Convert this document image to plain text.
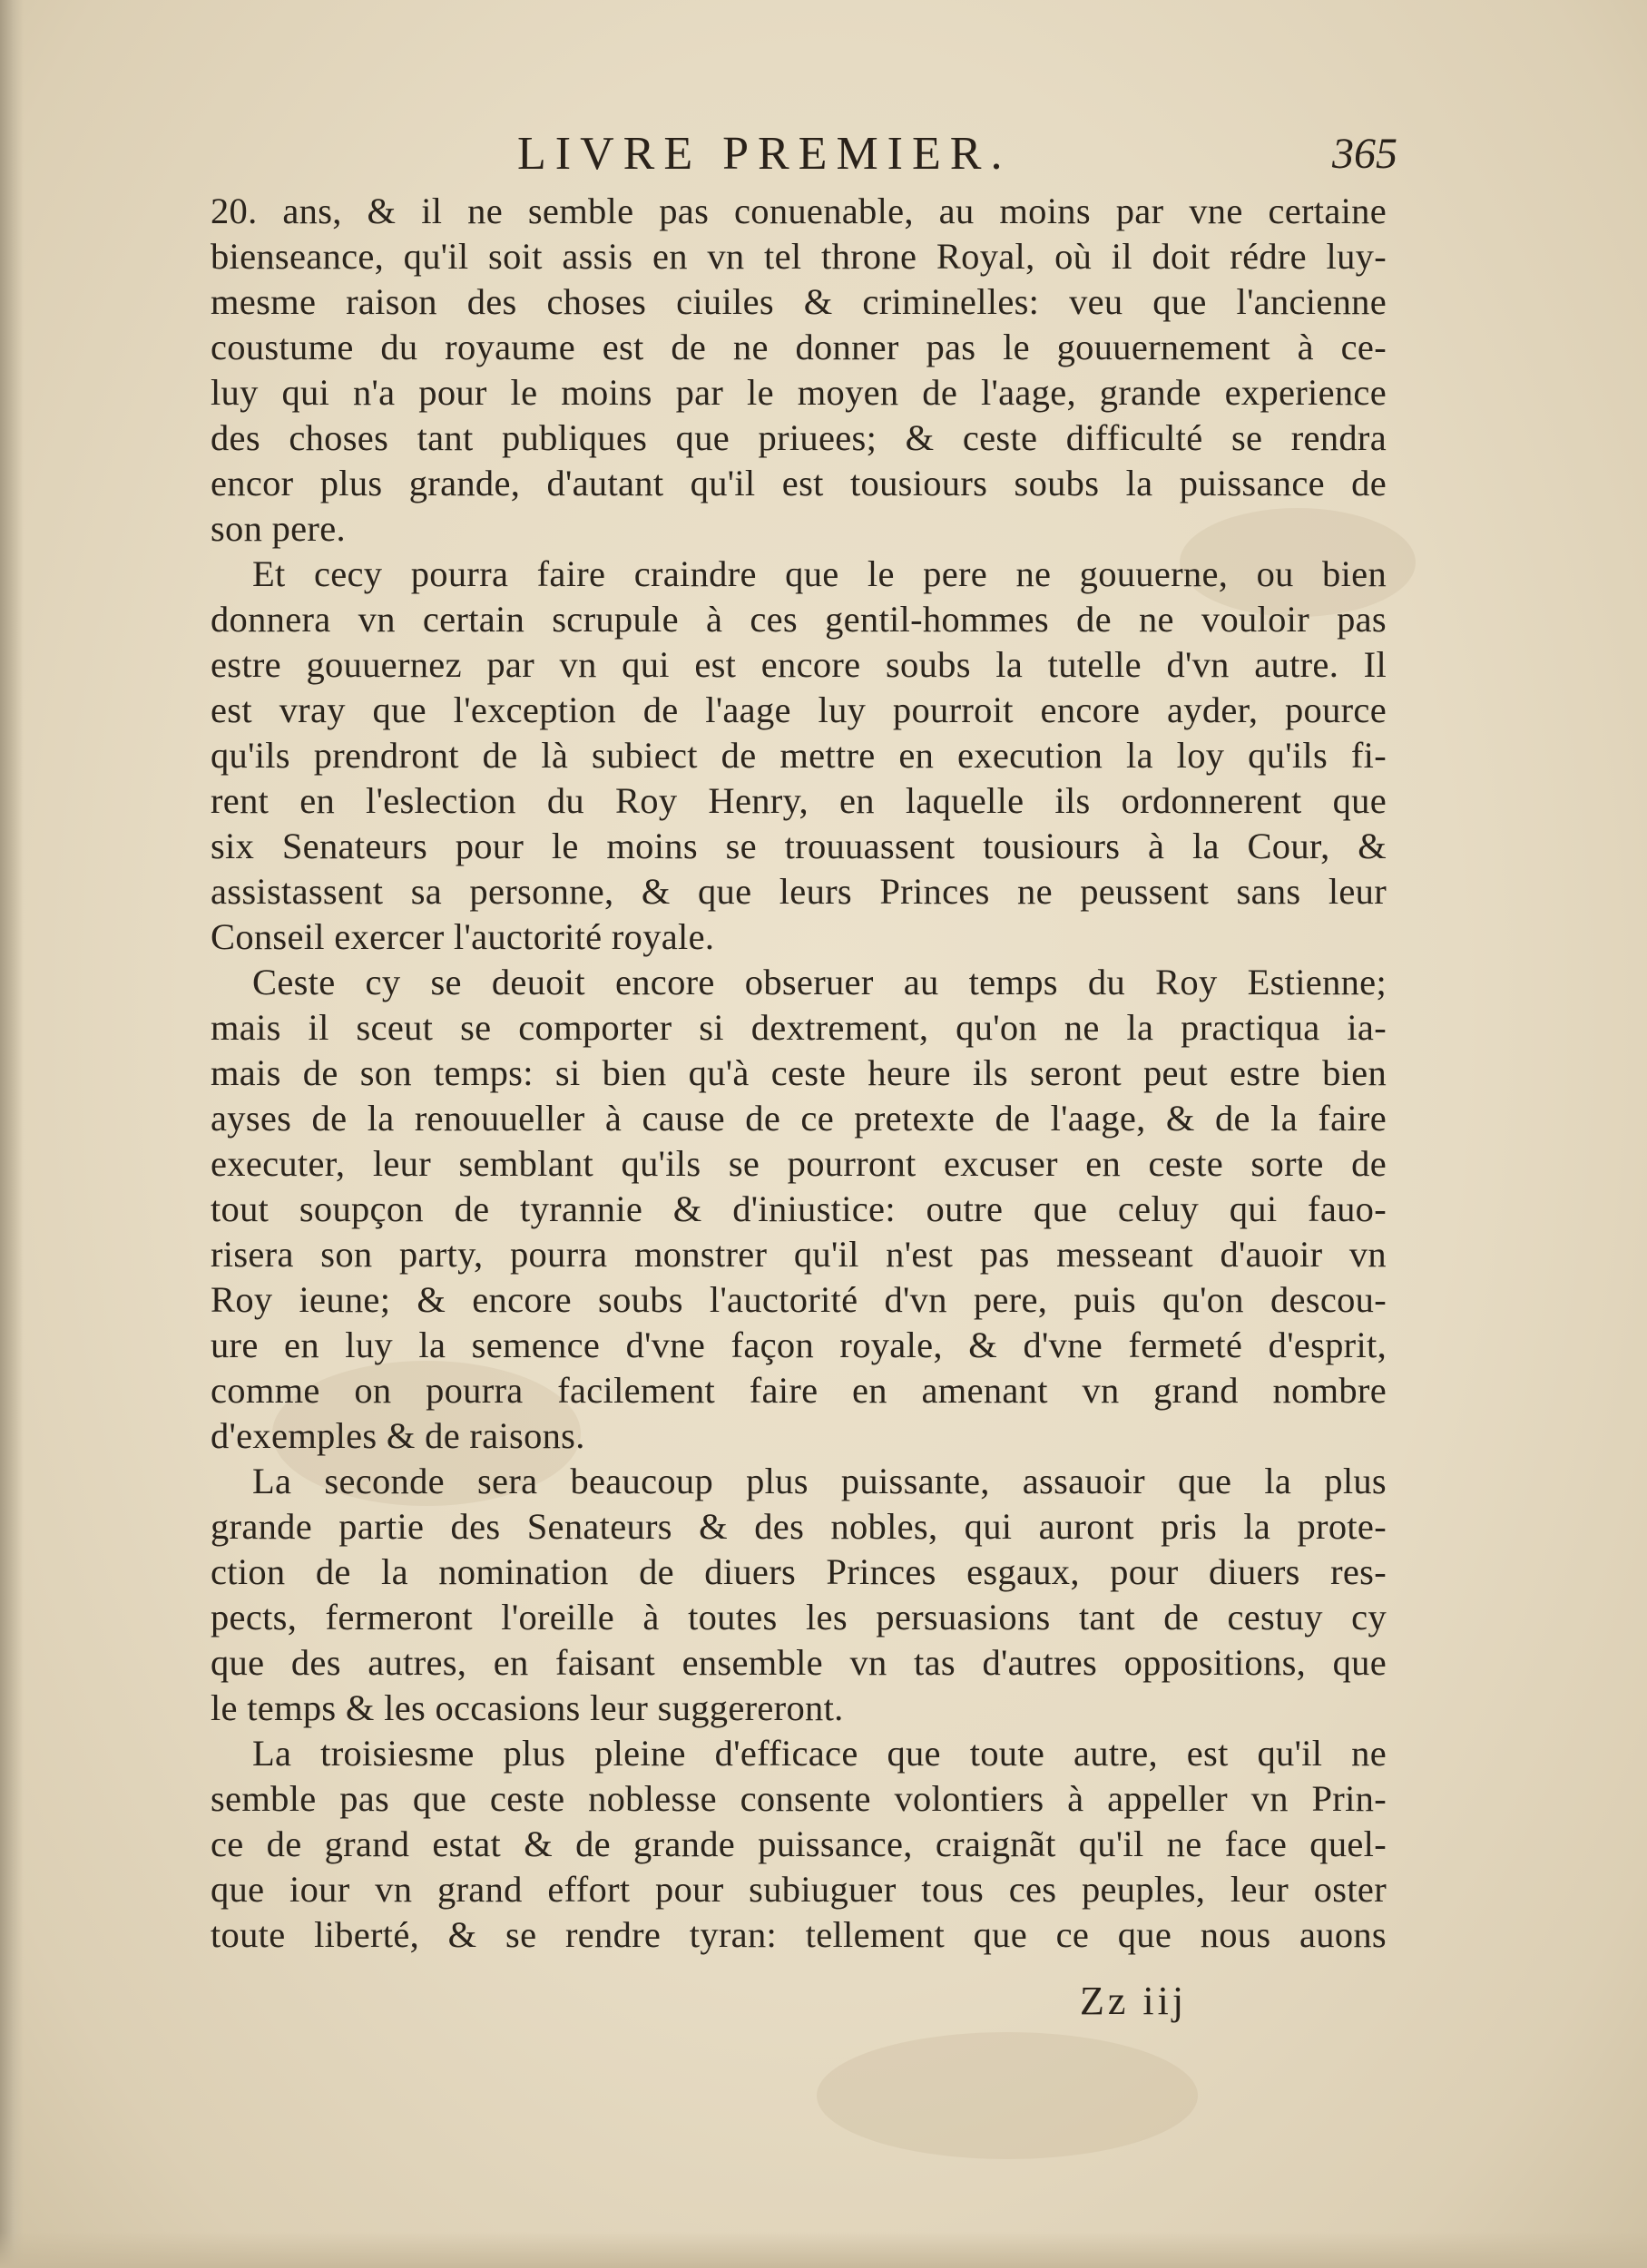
LIVRE PREMIER.	365
20. ans, & il ne semble pas conuenable, au moins par vne certaine
bienseance, qu'il soit assis en vn tel throne Royal, où il doit rédre luy-
mesme raison des choses ciuiles & criminelles: veu que l'ancienne
coustume du royaume est de ne donner pas le gouuernement à ce-
luy qui n'a pour le moins par le moyen de l'aage, grande experience
des choses tant publiques que priuees; & ceste difficulté se rendra
encor plus grande, d'autant qu'il est tousiours soubs la puissance de
son pere.
Et cecy pourra faire craindre que le pere ne gouuerne, ou bien
donnera vn certain scrupule à ces gentil-hommes de ne vouloir pas
estre gouuernez par vn qui est encore soubs la tutelle d'vn autre. Il
est vray que l'exception de l'aage luy pourroit encore ayder, pource
qu'ils prendront de là subiect de mettre en execution la loy qu'ils fi-
rent en l'eslection du Roy Henry, en laquelle ils ordonnerent que
six Senateurs pour le moins se trouuassent tousiours à la Cour, &
assistassent sa personne, & que leurs Princes ne peussent sans leur
Conseil exercer l'auctorité royale.
Ceste cy se deuoit encore obseruer au temps du Roy Estienne;
mais il sceut se comporter si dextrement, qu'on ne la practiqua ia-
mais de son temps: si bien qu'à ceste heure ils seront peut estre bien
ayses de la renouueller à cause de ce pretexte de l'aage, & de la faire
executer, leur semblant qu'ils se pourront excuser en ceste sorte de
tout soupçon de tyrannie & d'iniustice: outre que celuy qui fauo-
risera son party, pourra monstrer qu'il n'est pas messeant d'auoir vn
Roy ieune; & encore soubs l'auctorité d'vn pere, puis qu'on descou-
ure en luy la semence d'vne façon royale, & d'vne fermeté d'esprit,
comme on pourra facilement faire en amenant vn grand nombre
d'exemples & de raisons.
La seconde sera beaucoup plus puissante, assauoir que la plus
grande partie des Senateurs & des nobles, qui auront pris la prote-
ction de la nomination de diuers Princes esgaux, pour diuers res-
pects, fermeront l'oreille à toutes les persuasions tant de cestuy cy
que des autres, en faisant ensemble vn tas d'autres oppositions, que
le temps & les occasions leur suggereront.
La troisiesme plus pleine d'efficace que toute autre, est qu'il ne
semble pas que ceste noblesse consente volontiers à appeller vn Prin-
ce de grand estat & de grande puissance, craignãt qu'il ne face quel-
que iour vn grand effort pour subiuguer tous ces peuples, leur oster
toute liberté, & se rendre tyran: tellement que ce que nous auons
Zz iij
